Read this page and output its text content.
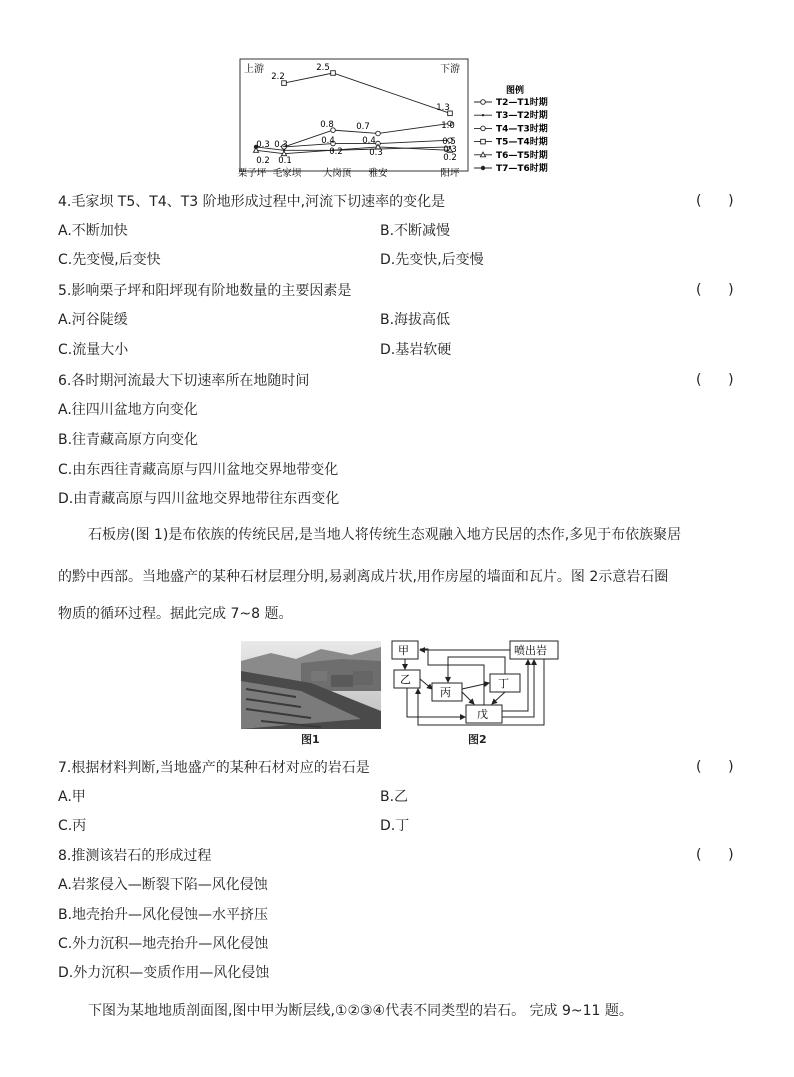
上游	下游
2.2
2.5
1.3
0.8	0.7	1.0
0.3 0.3	0.4	0.4	0.5
0.2 0.1
0.2	0.3	0.3
0.2
栗子坪 毛家坝 大岗顶 雅安	阳坪
图例
T2—T1时期
T3—T2时期
T4—T3时期
T5—T4时期
T6—T5时期
T7—T6时期
4.毛家坝 T5、T4、T3 阶地形成过程中,河流下切速率的变化是	(      )
A.不断加快	B.不断减慢
C.先变慢,后变快	D.先变快,后变慢
5.影响栗子坪和阳坪现有阶地数量的主要因素是	(      )
A.河谷陡缓	B.海拔高低
C.流量大小	D.基岩软硬
6.各时期河流最大下切速率所在地随时间	(      )
A.往四川盆地方向变化
B.往青藏高原方向变化
C.由东西往青藏高原与四川盆地交界地带变化
D.由青藏高原与四川盆地交界地带往东西变化
石板房(图 1)是布依族的传统民居,是当地人将传统生态观融入地方民居的杰作,多见于布依族聚居
的黔中西部。当地盛产的某种石材层理分明,易剥离成片状,用作房屋的墙面和瓦片。图 2示意岩石圈
物质的循环过程。据此完成 7~8 题。
图1
甲
乙
丙
丁
戊
喷出岩
图2
7.根据材料判断,当地盛产的某种石材对应的岩石是	(      )
A.甲	B.乙
C.丙	D.丁
8.推测该岩石的形成过程	(      )
A.岩浆侵入—断裂下陷—风化侵蚀
B.地壳抬升—风化侵蚀—水平挤压
C.外力沉积—地壳抬升—风化侵蚀
D.外力沉积—变质作用—风化侵蚀
下图为某地地质剖面图,图中甲为断层线,①②③④代表不同类型的岩石。 完成 9~11 题。
